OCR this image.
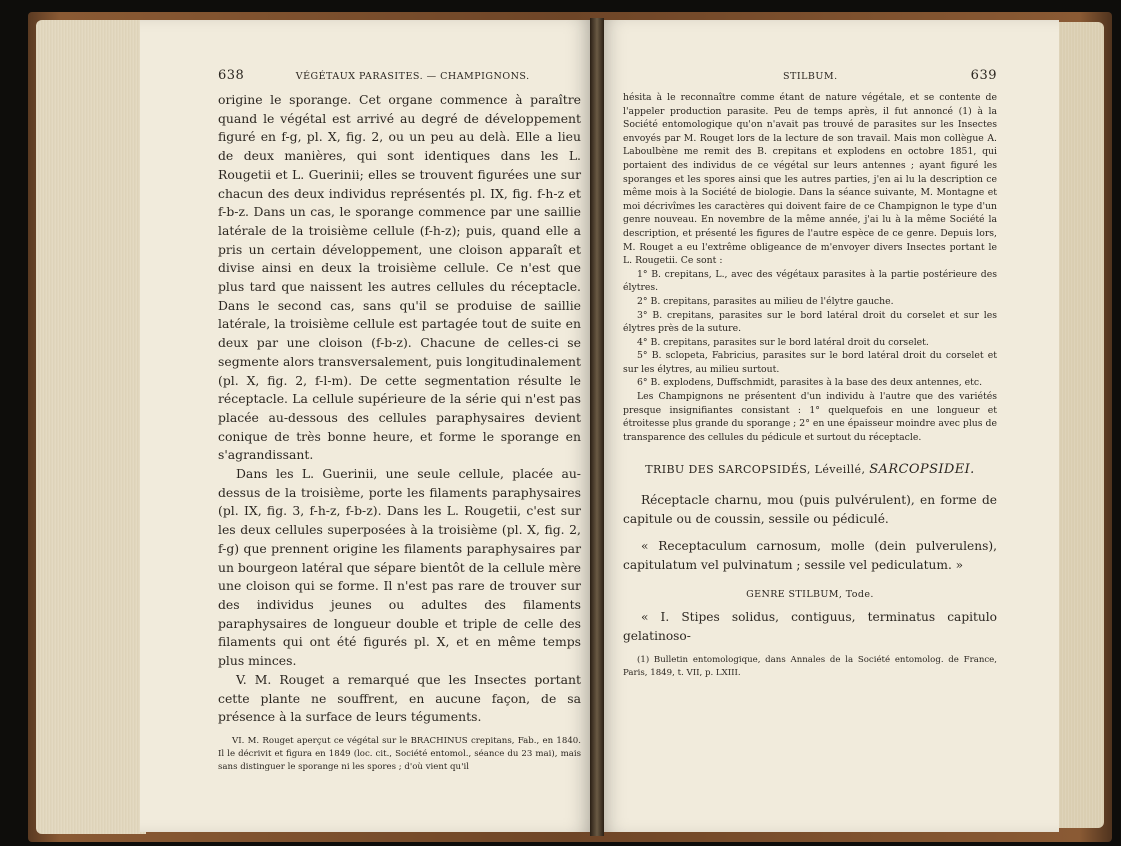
638	VÉGÉTAUX PARASITES. — CHAMPIGNONS.

origine le sporange. Cet organe commence à paraître quand le végétal est arrivé au degré de développement figuré en f-g, pl. X, fig. 2, ou un peu au delà. Elle a lieu de deux manières, qui sont identiques dans les L. Rougetii et L. Guerinii; elles se trouvent figurées une sur chacun des deux individus représentés pl. IX, fig. f-h-z et f-b-z. Dans un cas, le sporange commence par une saillie latérale de la troisième cellule (f-h-z); puis, quand elle a pris un certain développement, une cloison apparaît et divise ainsi en deux la troisième cellule. Ce n'est que plus tard que naissent les autres cellules du réceptacle. Dans le second cas, sans qu'il se produise de saillie latérale, la troisième cellule est partagée tout de suite en deux par une cloison (f-b-z). Chacune de celles-ci se segmente alors transversalement, puis longitudinalement (pl. X, fig. 2, f-l-m). De cette segmentation résulte le réceptacle. La cellule supérieure de la série qui n'est pas placée au-dessous des cellules paraphysaires devient conique de très bonne heure, et forme le sporange en s'agrandissant.

Dans les L. Guerinii, une seule cellule, placée au-dessus de la troisième, porte les filaments paraphysaires (pl. IX, fig. 3, f-h-z, f-b-z). Dans les L. Rougetii, c'est sur les deux cellules superposées à la troisième (pl. X, fig. 2, f-g) que prennent origine les filaments paraphysaires par un bourgeon latéral que sépare bientôt de la cellule mère une cloison qui se forme. Il n'est pas rare de trouver sur des individus jeunes ou adultes des filaments paraphysaires de longueur double et triple de celle des filaments qui ont été figurés pl. X, et en même temps plus minces.

V. M. Rouget a remarqué que les Insectes portant cette plante ne souffrent, en aucune façon, de sa présence à la surface de leurs téguments.

VI. M. Rouget aperçut ce végétal sur le BRACHINUS crepitans, Fab., en 1840. Il le décrivit et figura en 1849 (loc. cit., Société entomol., séance du 23 mai), mais sans distinguer le sporange ni les spores ; d'où vient qu'il

STILBUM.	639

hésita à le reconnaître comme étant de nature végétale, et se contente de l'appeler production parasite. Peu de temps après, il fut annoncé (1) à la Société entomologique qu'on n'avait pas trouvé de parasites sur les Insectes envoyés par M. Rouget lors de la lecture de son travail. Mais mon collègue A. Laboulbène me remit des B. crepitans et explodens en octobre 1851, qui portaient des individus de ce végétal sur leurs antennes ; ayant figuré les sporanges et les spores ainsi que les autres parties, j'en ai lu la description ce même mois à la Société de biologie. Dans la séance suivante, M. Montagne et moi décrivîmes les caractères qui doivent faire de ce Champignon le type d'un genre nouveau. En novembre de la même année, j'ai lu à la même Société la description, et présenté les figures de l'autre espèce de ce genre. Depuis lors, M. Rouget a eu l'extrême obligeance de m'envoyer divers Insectes portant le L. Rougetii. Ce sont :

1° B. crepitans, L., avec des végétaux parasites à la partie postérieure des élytres.

2° B. crepitans, parasites au milieu de l'élytre gauche.

3° B. crepitans, parasites sur le bord latéral droit du corselet et sur les élytres près de la suture.

4° B. crepitans, parasites sur le bord latéral droit du corselet.

5° B. sclopeta, Fabricius, parasites sur le bord latéral droit du corselet et sur les élytres, au milieu surtout.

6° B. explodens, Duffschmidt, parasites à la base des deux antennes, etc.

Les Champignons ne présentent d'un individu à l'autre que des variétés presque insignifiantes consistant : 1° quelquefois en une longueur et étroitesse plus grande du sporange ; 2° en une épaisseur moindre avec plus de transparence des cellules du pédicule et surtout du réceptacle.

TRIBU DES SARCOPSIDÉS, Léveillé, SARCOPSIDEI.

Réceptacle charnu, mou (puis pulvérulent), en forme de capitule ou de coussin, sessile ou pédiculé.

« Receptaculum carnosum, molle (dein pulverulens), capitulatum vel pulvinatum ; sessile vel pediculatum. »

GENRE STILBUM, Tode.

« I. Stipes solidus, contiguus, terminatus capitulo gelatinoso-

(1) Bulletin entomologique, dans Annales de la Société entomolog. de France, Paris, 1849, t. VII, p. LXIII.
